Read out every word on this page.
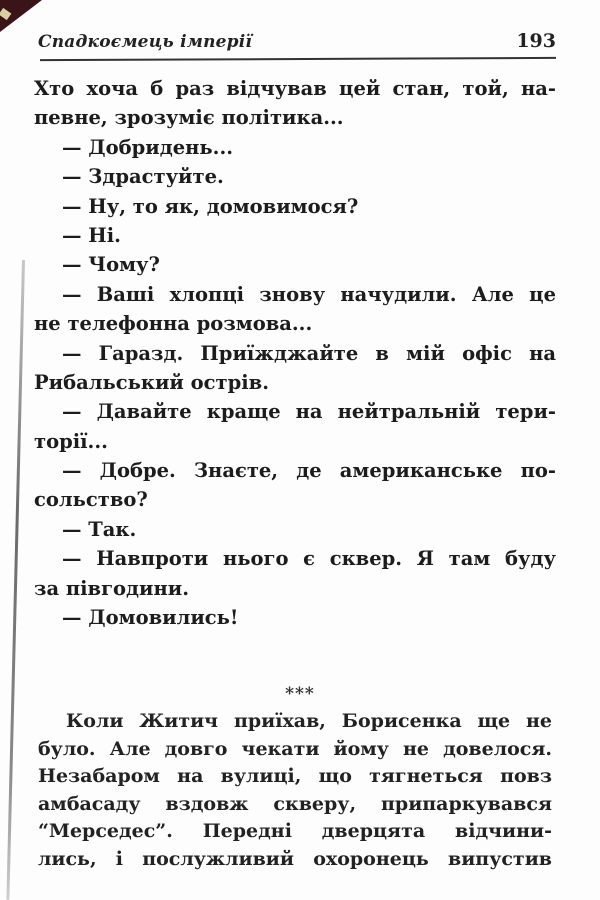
Спадкоємець імперії	193
Хто хоча б раз відчував цей стан, той, на-
певне, зрозуміє політика...
— Добридень...
— Здрастуйте.
— Ну, то як, домовимося?
— Ні.
— Чому?
— Ваші хлопці знову начудили. Але це
не телефонна розмова...
— Гаразд. Приїжджайте в мій офіс на
Рибальський острів.
— Давайте краще на нейтральній тери-
торії...
— Добре. Знаєте, де американське по-
сольство?
— Так.
— Навпроти нього є сквер. Я там буду
за півгодини.
— Домовились!
***
Коли Житич приїхав, Борисенка ще не
було. Але довго чекати йому не довелося.
Незабаром на вулиці, що тягнеться повз
амбасаду вздовж скверу, припаркувався
“Мерседес”. Передні дверцята відчини-
лись, і послужливий охоронець випустив
